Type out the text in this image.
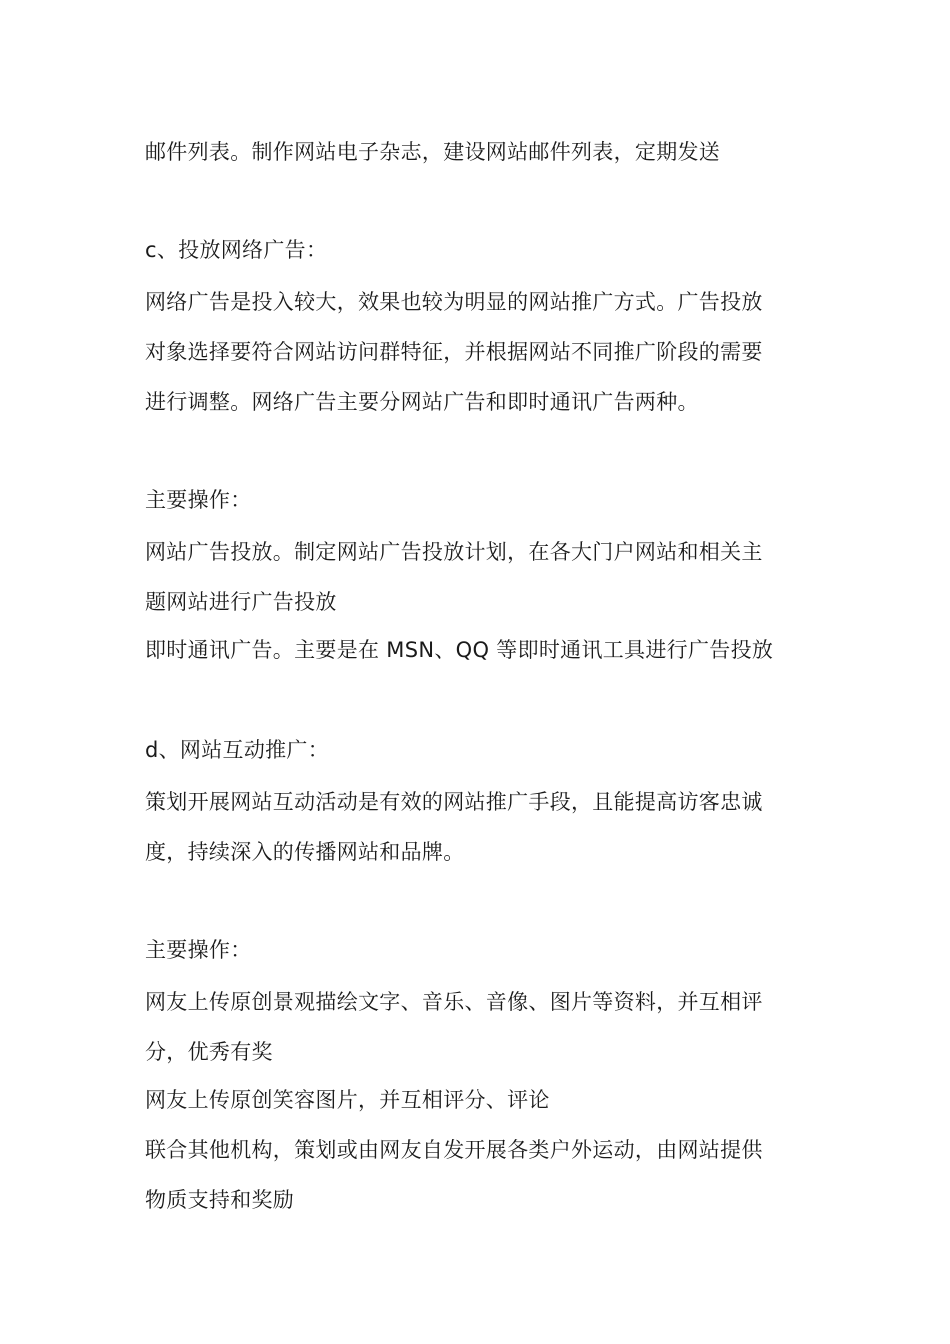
邮件列表。制作网站电子杂志，建设网站邮件列表，定期发送
c、投放网络广告：
网络广告是投入较大，效果也较为明显的网站推广方式。广告投放
对象选择要符合网站访问群特征，并根据网站不同推广阶段的需要
进行调整。网络广告主要分网站广告和即时通讯广告两种。
主要操作：
网站广告投放。制定网站广告投放计划，在各大门户网站和相关主
题网站进行广告投放
即时通讯广告。主要是在 MSN、QQ 等即时通讯工具进行广告投放
d、网站互动推广：
策划开展网站互动活动是有效的网站推广手段，且能提高访客忠诚
度，持续深入的传播网站和品牌。
主要操作：
网友上传原创景观描绘文字、音乐、音像、图片等资料，并互相评
分，优秀有奖
网友上传原创笑容图片，并互相评分、评论
联合其他机构，策划或由网友自发开展各类户外运动，由网站提供
物质支持和奖励
